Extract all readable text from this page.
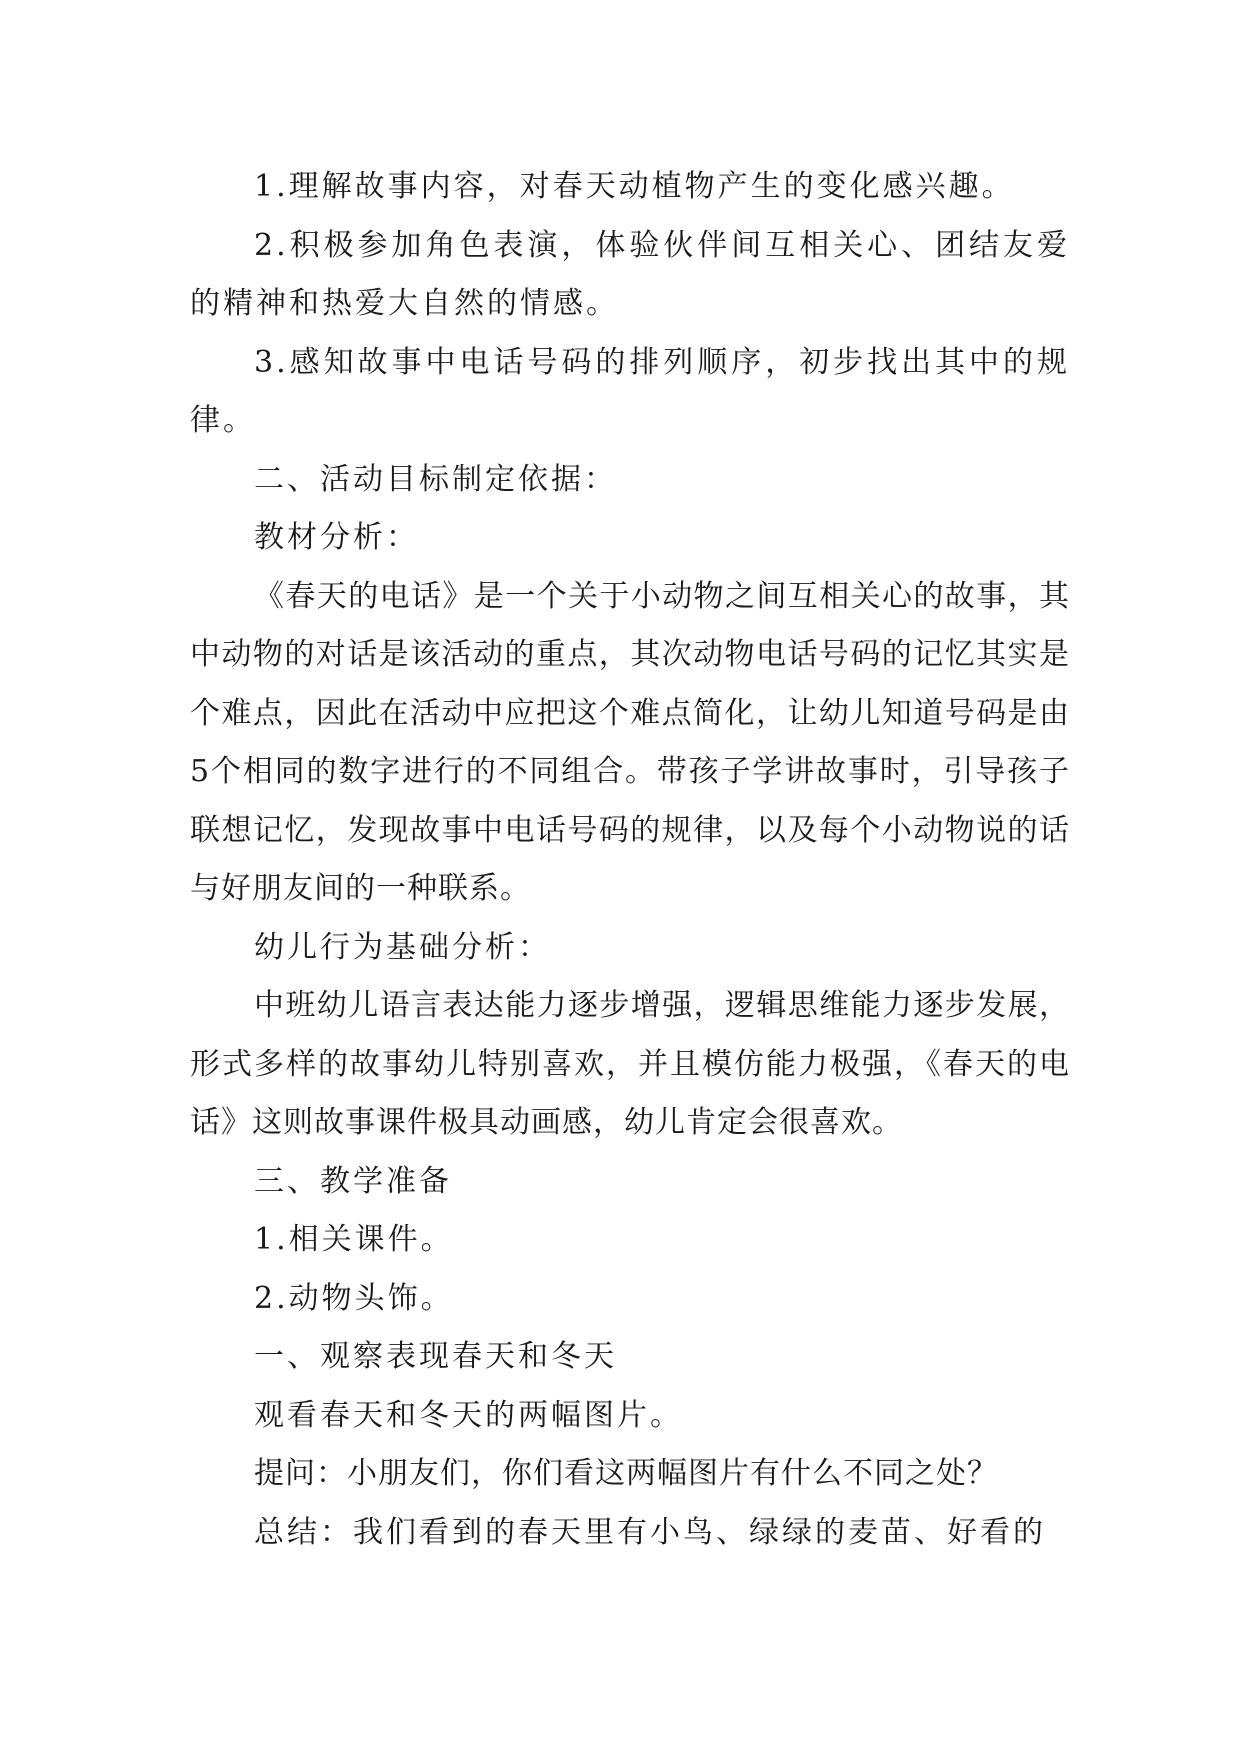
1.理解故事内容，对春天动植物产生的变化感兴趣。

2.积极参加角色表演，体验伙伴间互相关心、团结友爱的精神和热爱大自然的情感。

3.感知故事中电话号码的排列顺序，初步找出其中的规律。

二、活动目标制定依据：

教材分析：

《春天的电话》是一个关于小动物之间互相关心的故事，其中动物的对话是该活动的重点，其次动物电话号码的记忆其实是个难点，因此在活动中应把这个难点简化，让幼儿知道号码是由5个相同的数字进行的不同组合。带孩子学讲故事时，引导孩子联想记忆，发现故事中电话号码的规律，以及每个小动物说的话与好朋友间的一种联系。

幼儿行为基础分析：

中班幼儿语言表达能力逐步增强，逻辑思维能力逐步发展，形式多样的故事幼儿特别喜欢，并且模仿能力极强，《春天的电话》这则故事课件极具动画感，幼儿肯定会很喜欢。

三、教学准备

1.相关课件。

2.动物头饰。

一、观察表现春天和冬天

观看春天和冬天的两幅图片。

提问：小朋友们，你们看这两幅图片有什么不同之处？

总结：我们看到的春天里有小鸟、绿绿的麦苗、好看的
